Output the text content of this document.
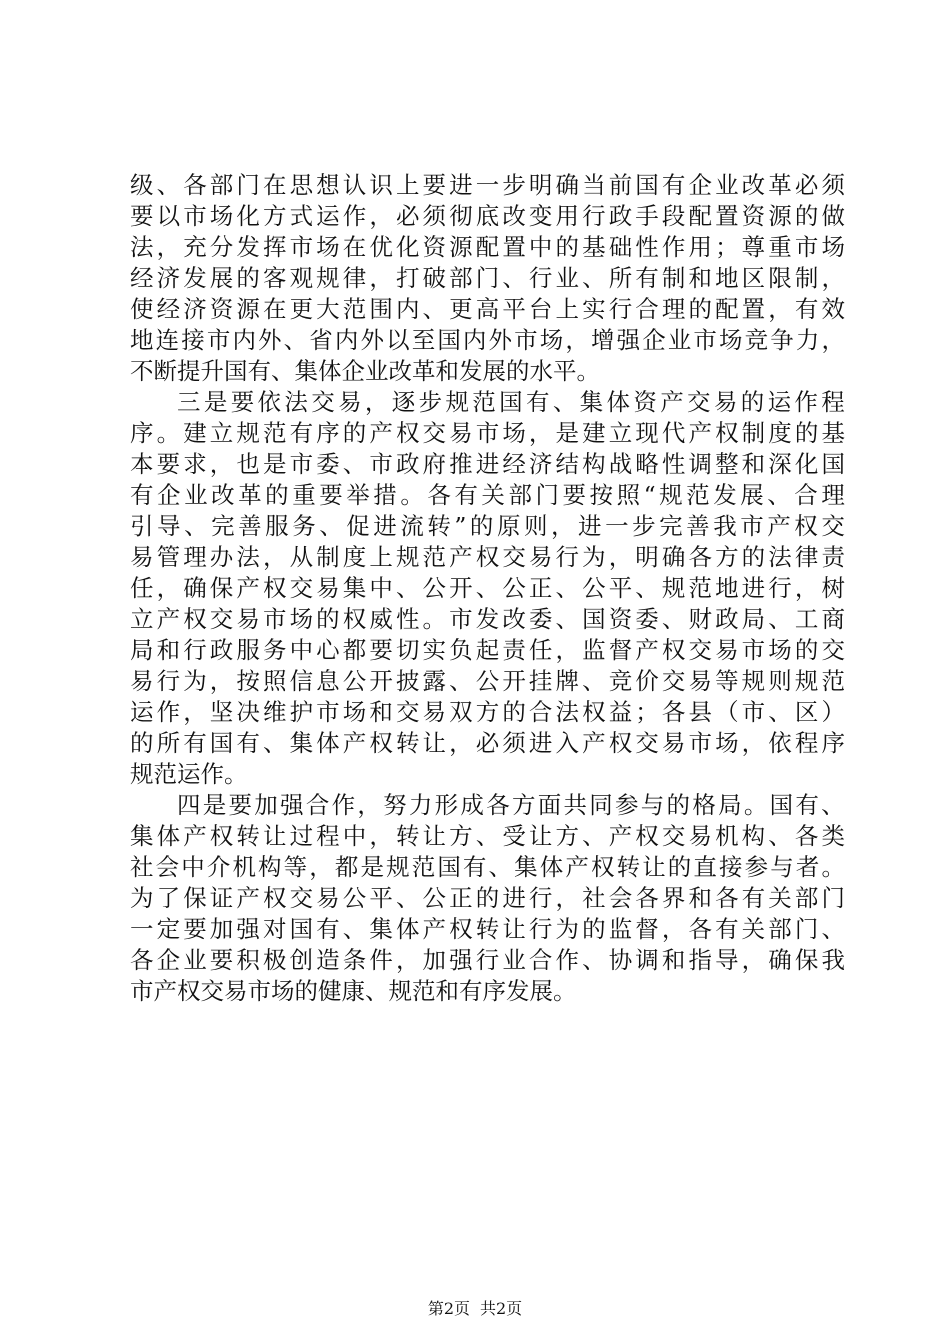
级 、 各 部 门 在 思 想 认 识 上 要 进 一 步 明 确 当 前 国 有 企 业 改 革 必 须
要 以 市 场 化 方 式 运 作 ， 必 须 彻 底 改 变 用 行 政 手 段 配 置 资 源 的 做
法 ， 充 分 发 挥 市 场 在 优 化 资 源 配 置 中 的 基 础 性 作 用 ； 尊 重 市 场
经 济 发 展 的 客 观 规 律 ， 打 破 部 门 、 行 业 、 所 有 制 和 地 区 限 制 ，
使 经 济 资 源 在 更 大 范 围 内 、 更 高 平 台 上 实 行 合 理 的 配 置 ， 有 效
地 连 接 市 内 外 、 省 内 外 以 至 国 内 外 市 场 ， 增 强 企 业 市 场 竞 争 力 ，
不 断 提 升 国 有 、 集 体 企 业 改 革 和 发 展 的 水 平 。
三 是 要 依 法 交 易 ， 逐 步 规 范 国 有 、 集 体 资 产 交 易 的 运 作 程
序 。 建 立 规 范 有 序 的 产 权 交 易 市 场 ， 是 建 立 现 代 产 权 制 度 的 基
本 要 求 ， 也 是 市 委 、 市 政 府 推 进 经 济 结 构 战 略 性 调 整 和 深 化 国
有 企 业 改 革 的 重 要 举 措 。 各 有 关 部 门 要 按 照 “ 规 范 发 展 、 合 理
引 导 、 完 善 服 务 、 促 进 流 转 ” 的 原 则 ， 进 一 步 完 善 我 市 产 权 交
易 管 理 办 法 ， 从 制 度 上 规 范 产 权 交 易 行 为 ， 明 确 各 方 的 法 律 责
任 ， 确 保 产 权 交 易 集 中 、 公 开 、 公 正 、 公 平 、 规 范 地 进 行 ， 树
立 产 权 交 易 市 场 的 权 威 性 。 市 发 改 委 、 国 资 委 、 财 政 局 、 工 商
局 和 行 政 服 务 中 心 都 要 切 实 负 起 责 任 ， 监 督 产 权 交 易 市 场 的 交
易 行 为 ， 按 照 信 息 公 开 披 露 、 公 开 挂 牌 、 竞 价 交 易 等 规 则 规 范
运 作 ， 坚 决 维 护 市 场 和 交 易 双 方 的 合 法 权 益 ； 各 县 （ 市 、 区 ）
的 所 有 国 有 、 集 体 产 权 转 让 ， 必 须 进 入 产 权 交 易 市 场 ， 依 程 序
规 范 运 作 。
四 是 要 加 强 合 作 ， 努 力 形 成 各 方 面 共 同 参 与 的 格 局 。 国 有 、
集 体 产 权 转 让 过 程 中 ， 转 让 方 、 受 让 方 、 产 权 交 易 机 构 、 各 类
社 会 中 介 机 构 等 ， 都 是 规 范 国 有 、 集 体 产 权 转 让 的 直 接 参 与 者 。
为 了 保 证 产 权 交 易 公 平 、 公 正 的 进 行 ， 社 会 各 界 和 各 有 关 部 门
一 定 要 加 强 对 国 有 、 集 体 产 权 转 让 行 为 的 监 督 ， 各 有 关 部 门 、
各 企 业 要 积 极 创 造 条 件 ， 加 强 行 业 合 作 、 协 调 和 指 导 ， 确 保 我
市 产 权 交 易 市 场 的 健 康 、 规 范 和 有 序 发 展 。
第2页 共2页
